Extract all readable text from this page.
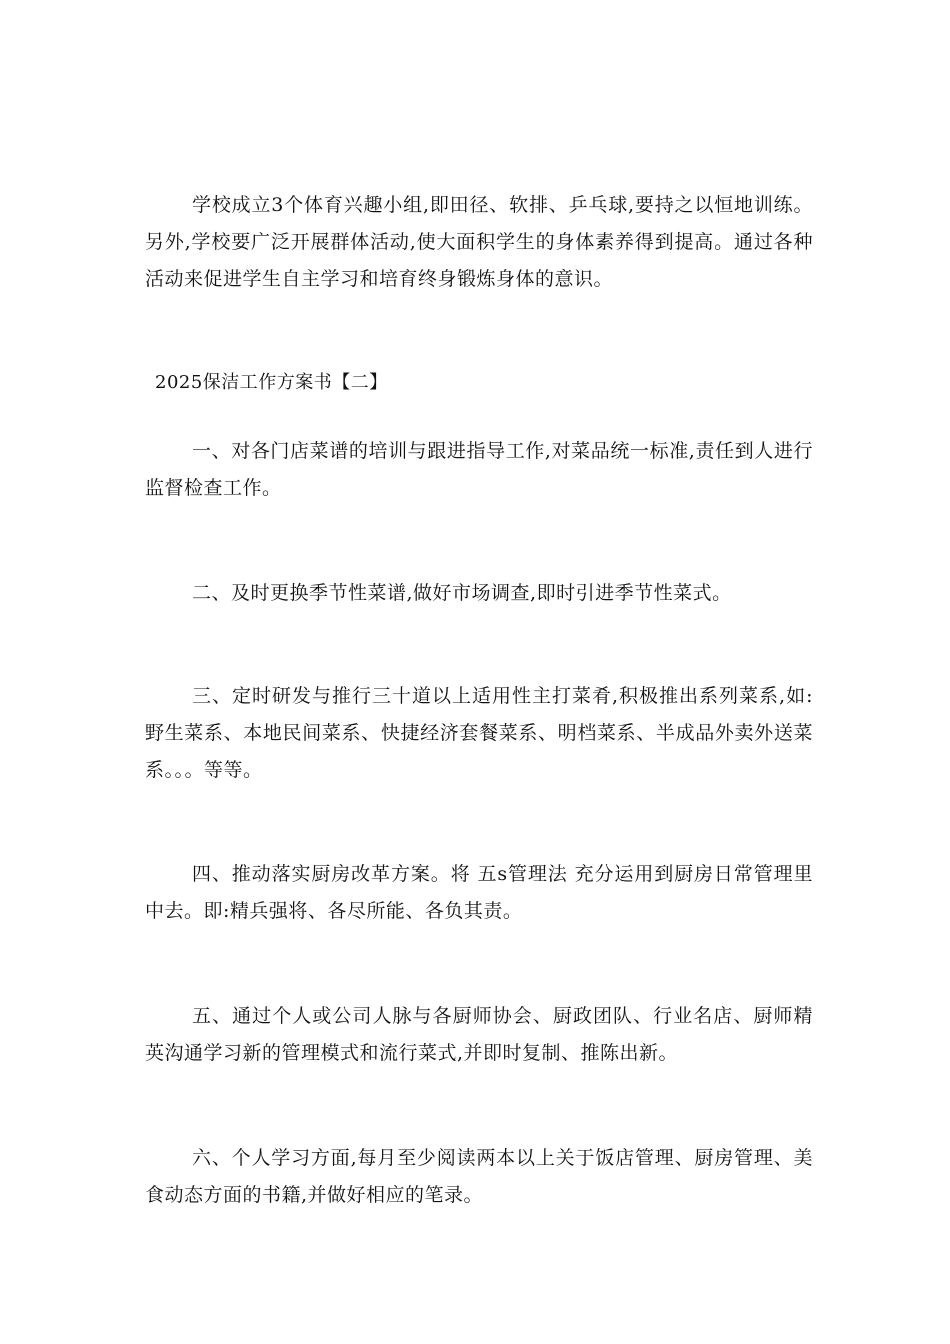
学校成立3个体育兴趣小组,即田径、软排、乒乓球,要持之以恒地训练。另外,学校要广泛开展群体活动,使大面积学生的身体素养得到提高。通过各种活动来促进学生自主学习和培育终身锻炼身体的意识。

2025保洁工作方案书【二】

一、对各门店菜谱的培训与跟进指导工作,对菜品统一标准,责任到人进行监督检查工作。

二、及时更换季节性菜谱,做好市场调查,即时引进季节性菜式。

三、定时研发与推行三十道以上适用性主打菜肴,积极推出系列菜系,如:野生菜系、本地民间菜系、快捷经济套餐菜系、明档菜系、半成品外卖外送菜系。。。等等。

四、推动落实厨房改革方案。将 五s管理法 充分运用到厨房日常管理里中去。即:精兵强将、各尽所能、各负其责。

五、通过个人或公司人脉与各厨师协会、厨政团队、行业名店、厨师精英沟通学习新的管理模式和流行菜式,并即时复制、推陈出新。

六、个人学习方面,每月至少阅读两本以上关于饭店管理、厨房管理、美食动态方面的书籍,并做好相应的笔录。
